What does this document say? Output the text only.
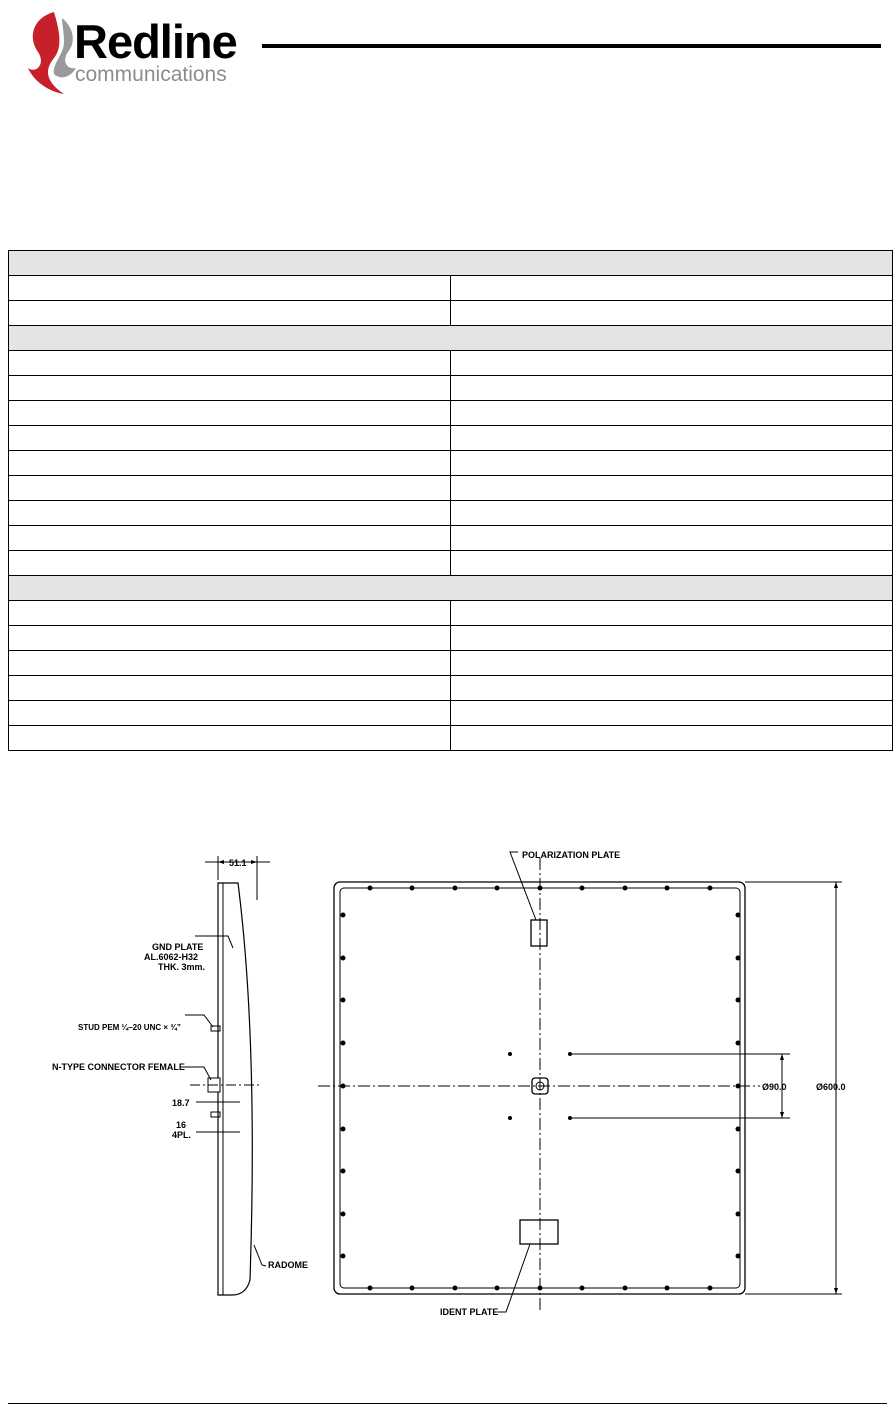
Redline
communications

51.1
GND PLATE
AL.6062-H32
THK. 3mm.
STUD PEM ¼–20 UNC × ¾”
N-TYPE CONNECTOR FEMALE
18.7
16
4PL.
RADOME
POLARIZATION PLATE
IDENT PLATE
Ø90.0	Ø600.0
